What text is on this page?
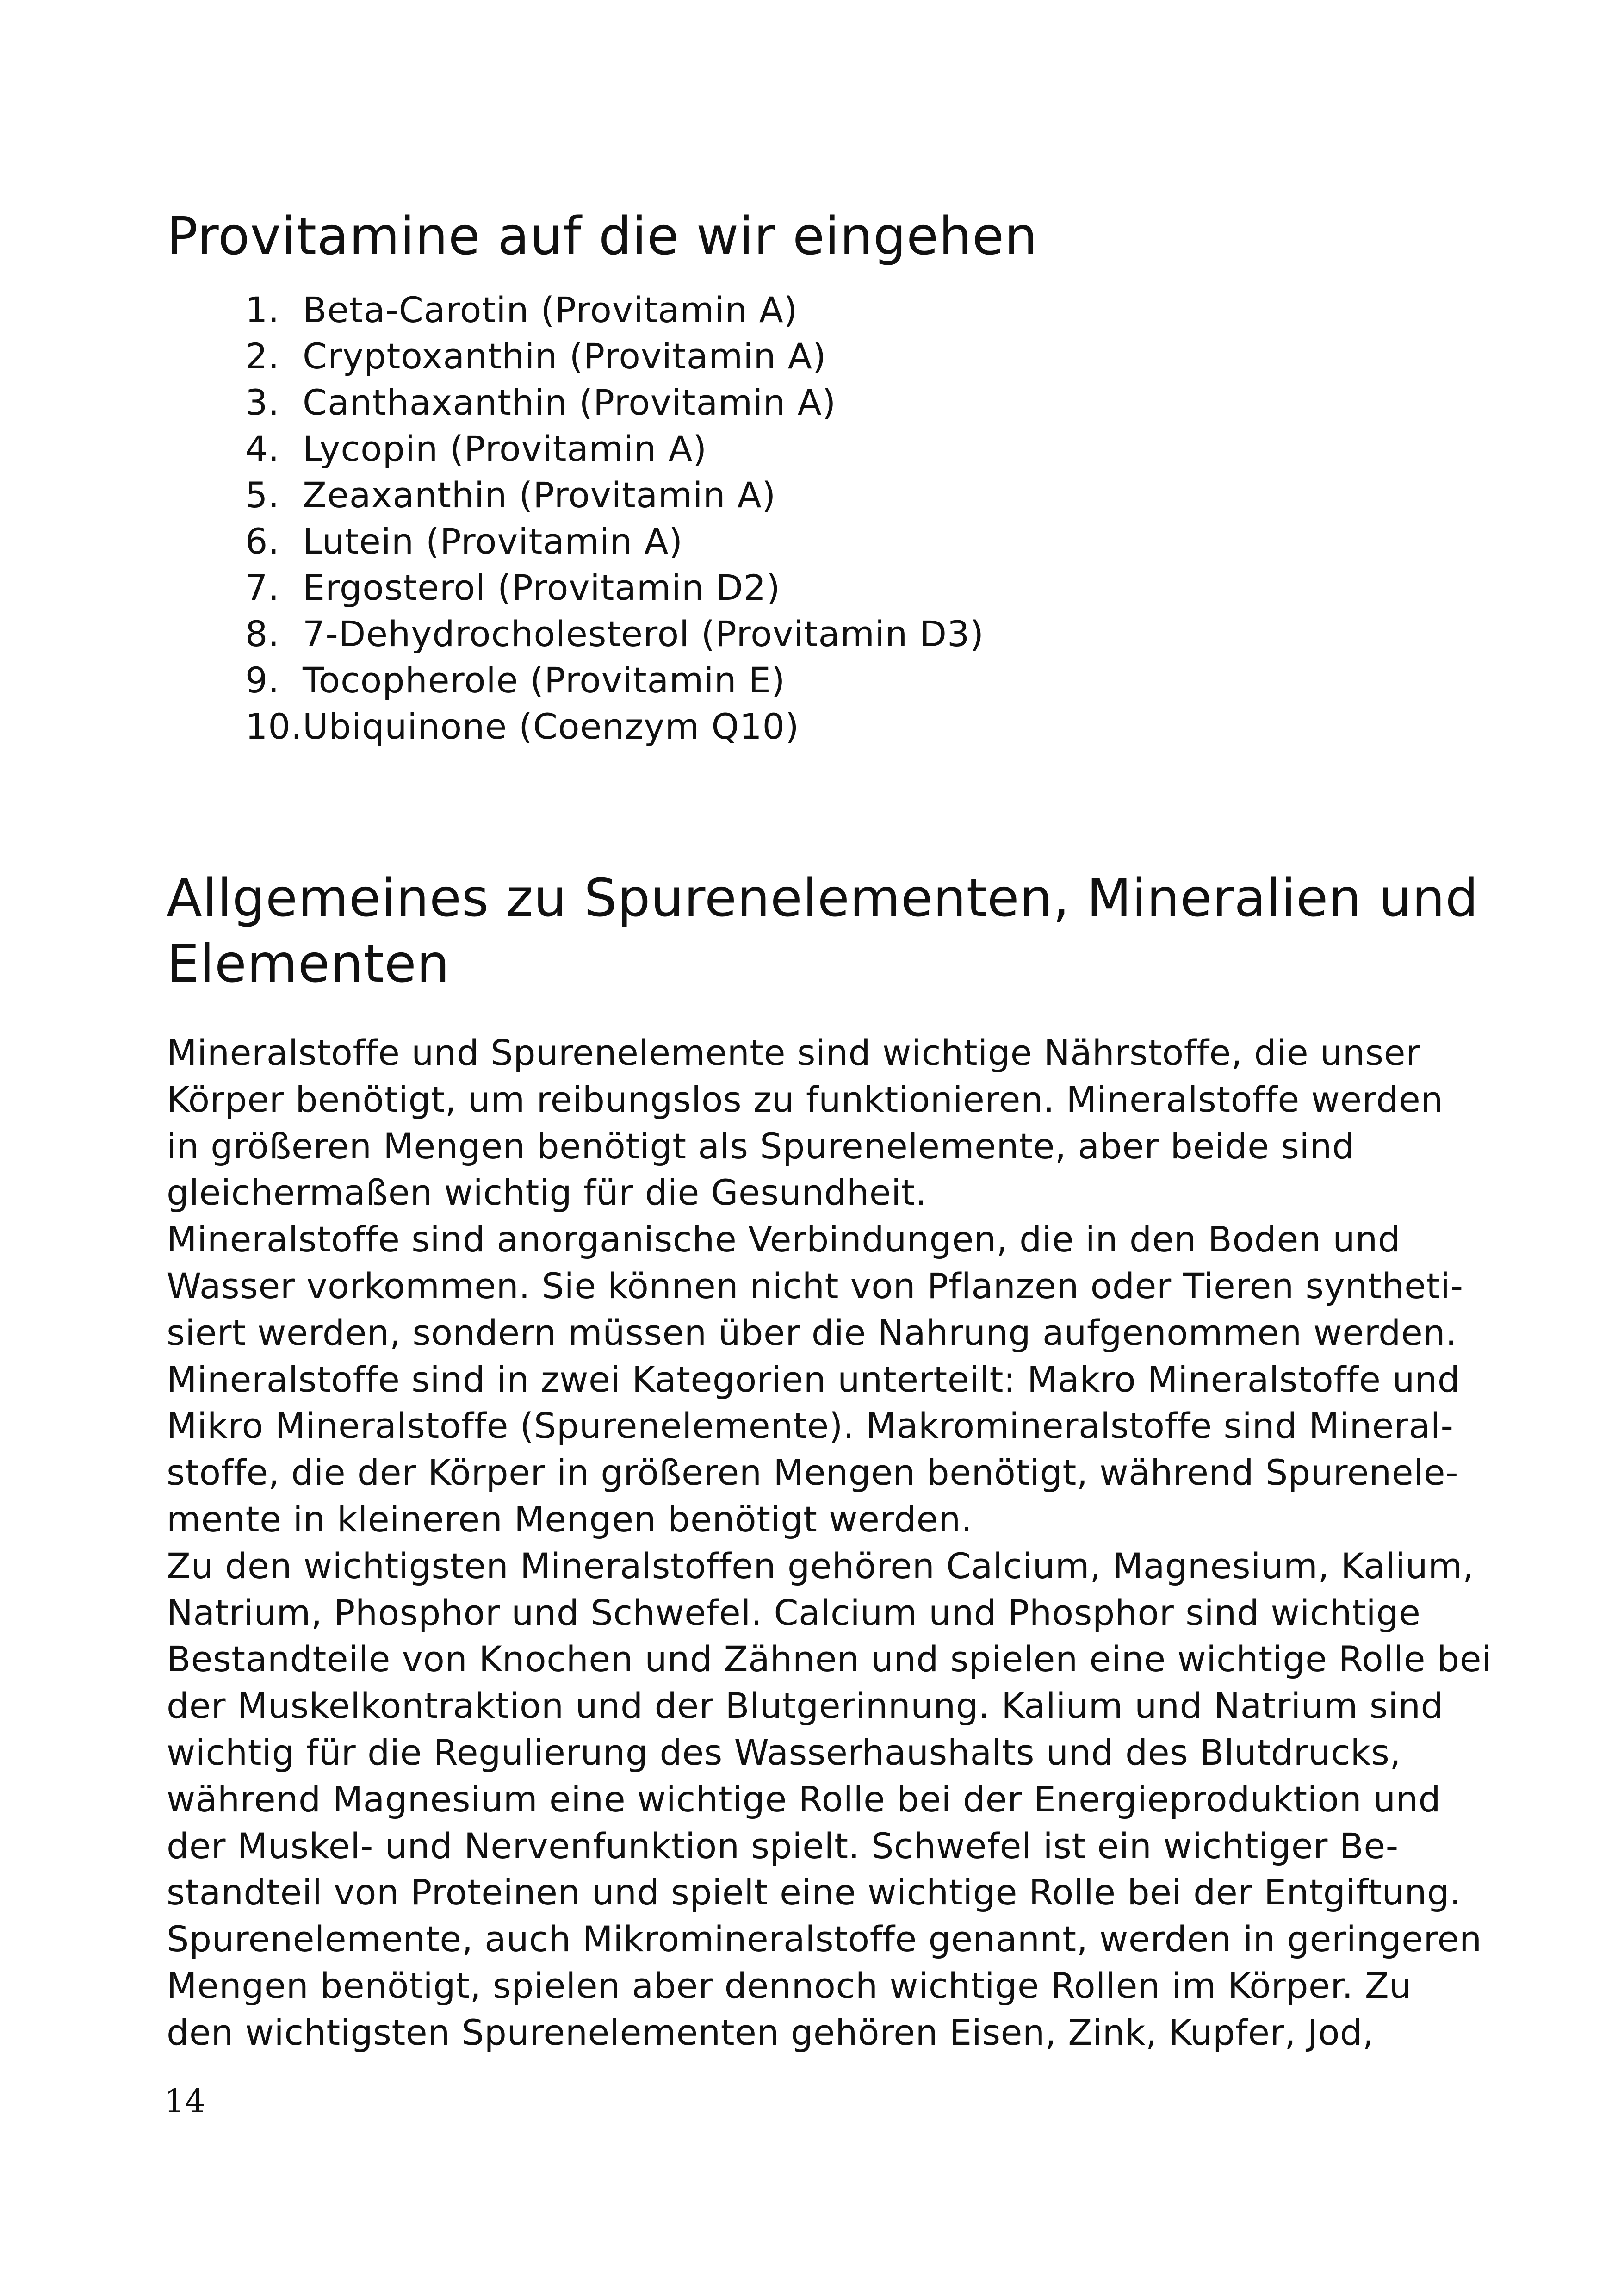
Provitamine auf die wir eingehen
1. Beta-Carotin (Provitamin A)
2. Cryptoxanthin (Provitamin A)
3. Canthaxanthin (Provitamin A)
4. Lycopin (Provitamin A)
5. Zeaxanthin (Provitamin A)
6. Lutein (Provitamin A)
7. Ergosterol (Provitamin D2)
8. 7-Dehydrocholesterol (Provitamin D3)
9. Tocopherole (Provitamin E)
10. Ubiquinone (Coenzym Q10)
Allgemeines zu Spurenelementen, Mineralien und Elementen
Mineralstoffe und Spurenelemente sind wichtige Nährstoffe, die unser
Körper benötigt, um reibungslos zu funktionieren. Mineralstoffe werden
in größeren Mengen benötigt als Spurenelemente, aber beide sind
gleichermaßen wichtig für die Gesundheit.
Mineralstoffe sind anorganische Verbindungen, die in den Boden und
Wasser vorkommen. Sie können nicht von Pflanzen oder Tieren syntheti-
siert werden, sondern müssen über die Nahrung aufgenommen werden.
Mineralstoffe sind in zwei Kategorien unterteilt: Makro Mineralstoffe und
Mikro Mineralstoffe (Spurenelemente). Makromineralstoffe sind Mineral-
stoffe, die der Körper in größeren Mengen benötigt, während Spurenele-
mente in kleineren Mengen benötigt werden.
Zu den wichtigsten Mineralstoffen gehören Calcium, Magnesium, Kalium,
Natrium, Phosphor und Schwefel. Calcium und Phosphor sind wichtige
Bestandteile von Knochen und Zähnen und spielen eine wichtige Rolle bei
der Muskelkontraktion und der Blutgerinnung. Kalium und Natrium sind
wichtig für die Regulierung des Wasserhaushalts und des Blutdrucks,
während Magnesium eine wichtige Rolle bei der Energieproduktion und
der Muskel- und Nervenfunktion spielt. Schwefel ist ein wichtiger Be-
standteil von Proteinen und spielt eine wichtige Rolle bei der Entgiftung.
Spurenelemente, auch Mikromineralstoffe genannt, werden in geringeren
Mengen benötigt, spielen aber dennoch wichtige Rollen im Körper. Zu
den wichtigsten Spurenelementen gehören Eisen, Zink, Kupfer, Jod,
14
